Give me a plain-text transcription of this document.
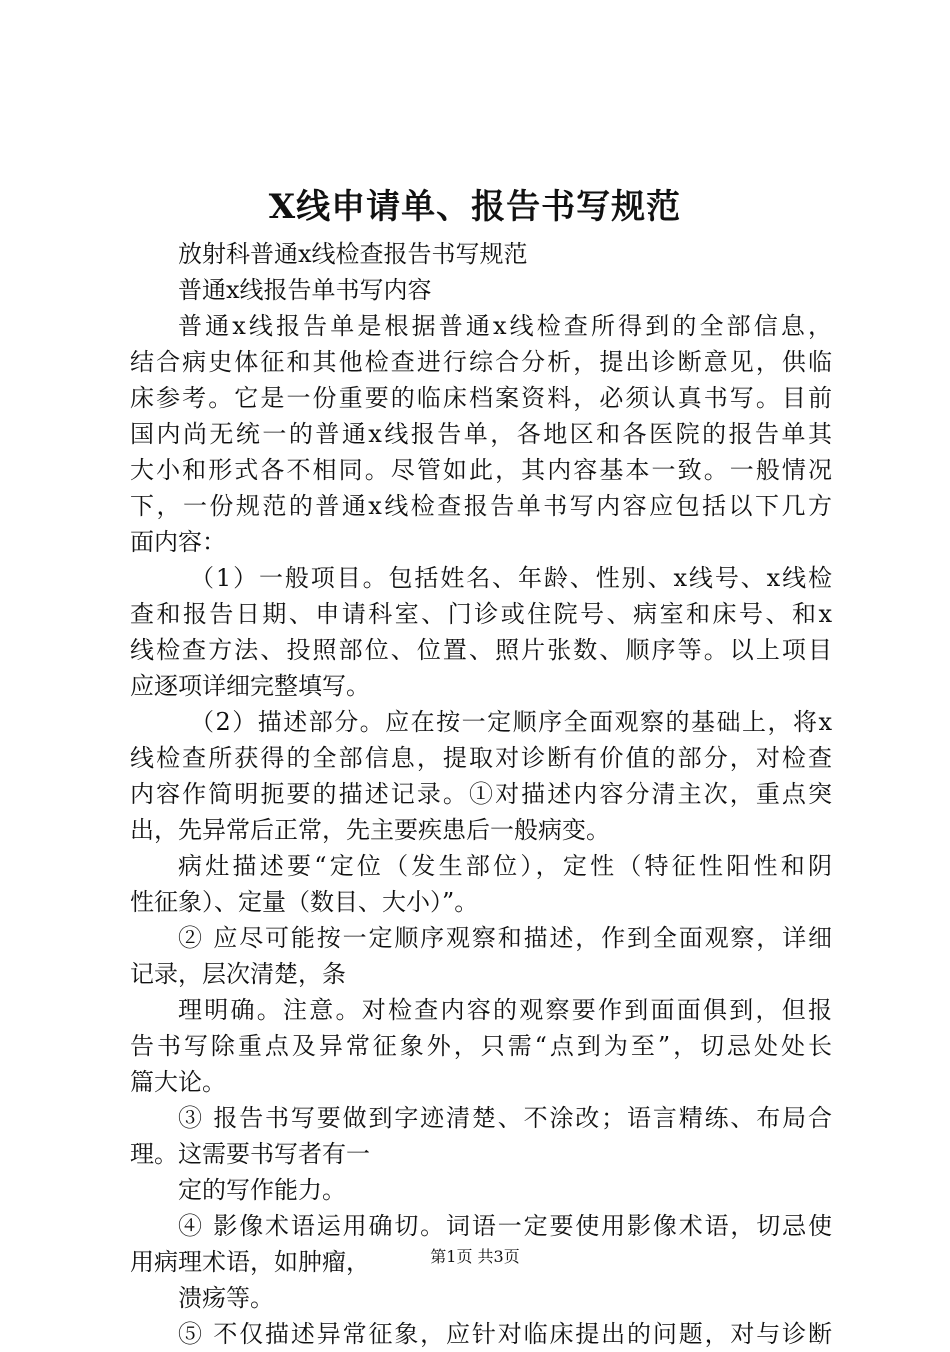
X线申请单、报告书写规范
放射科普通x线检查报告书写规范
普通x线报告单书写内容
普通x线报告单是根据普通x线检查所得到的全部信息，
结合病史体征和其他检查进行综合分析，提出诊断意见，供临
床参考。它是一份重要的临床档案资料，必须认真书写。目前
国内尚无统一的普通x线报告单，各地区和各医院的报告单其
大小和形式各不相同。尽管如此，其内容基本一致。一般情况
下，一份规范的普通x线检查报告单书写内容应包括以下几方
面内容：
（1）一般项目。包括姓名、年龄、性别、x线号、x线检
查和报告日期、申请科室、门诊或住院号、病室和床号、和x
线检查方法、投照部位、位置、照片张数、顺序等。以上项目
应逐项详细完整填写。
（2）描述部分。应在按一定顺序全面观察的基础上，将x
线检查所获得的全部信息，提取对诊断有价值的部分，对检查
内容作简明扼要的描述记录。①对描述内容分清主次，重点突
出，先异常后正常，先主要疾患后一般病变。
病灶描述要“定位（发生部位），定性（特征性阳性和阴
性征象）、定量（数目、大小）”。
② 应尽可能按一定顺序观察和描述，作到全面观察，详细
记录，层次清楚，条
理明确。注意。对检查内容的观察要作到面面俱到，但报
告书写除重点及异常征象外，只需“点到为至”，切忌处处长
篇大论。
③ 报告书写要做到字迹清楚、不涂改；语言精练、布局合
理。这需要书写者有一
定的写作能力。
④ 影像术语运用确切。词语一定要使用影像术语，切忌使
用病理术语，如肿瘤，
溃疡等。
⑤ 不仅描述异常征象，应针对临床提出的问题，对与诊断
第1页 共3页
